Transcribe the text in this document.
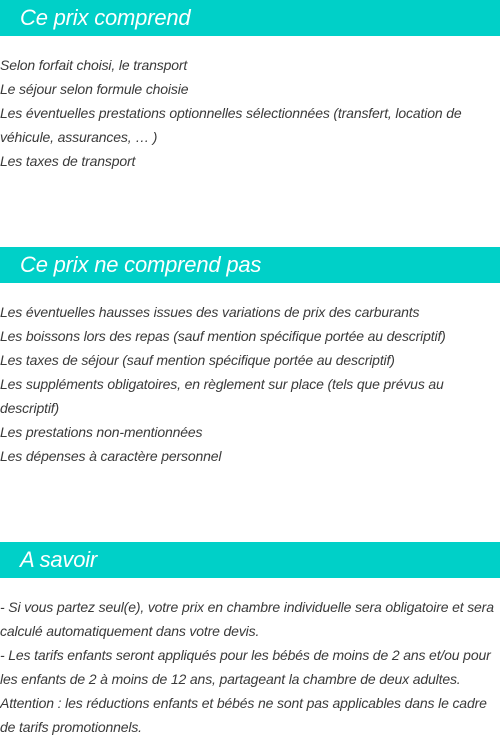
Ce prix comprend
Selon forfait choisi, le transport
Le séjour selon formule choisie
Les éventuelles prestations optionnelles sélectionnées (transfert, location de véhicule, assurances, … )
Les taxes de transport
Ce prix ne comprend pas
Les éventuelles hausses issues des variations de prix des carburants
Les boissons lors des repas (sauf mention spécifique portée au descriptif)
Les taxes de séjour (sauf mention spécifique portée au descriptif)
Les suppléments obligatoires, en règlement sur place (tels que prévus au descriptif)
Les prestations non-mentionnées
Les dépenses à caractère personnel
A savoir
- Si vous partez seul(e), votre prix en chambre individuelle sera obligatoire et sera calculé automatiquement dans votre devis.
- Les tarifs enfants seront appliqués pour les bébés de moins de 2 ans et/ou pour les enfants de 2 à moins de 12 ans, partageant la chambre de deux adultes.
Attention : les réductions enfants et bébés ne sont pas applicables dans le cadre de tarifs promotionnels.
